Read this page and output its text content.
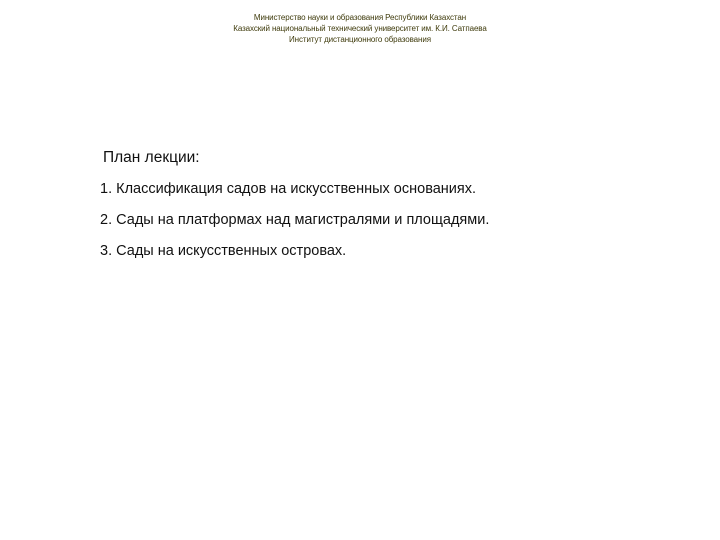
Министерство науки и образования Республики Казахстан
Казахский национальный технический университет им. К.И. Сатпаева
Институт дистанционного образования
План лекции:
1. Классификация садов на искусственных основаниях.
2. Сады на платформах над магистралями и площадями.
3. Сады на искусственных островах.
